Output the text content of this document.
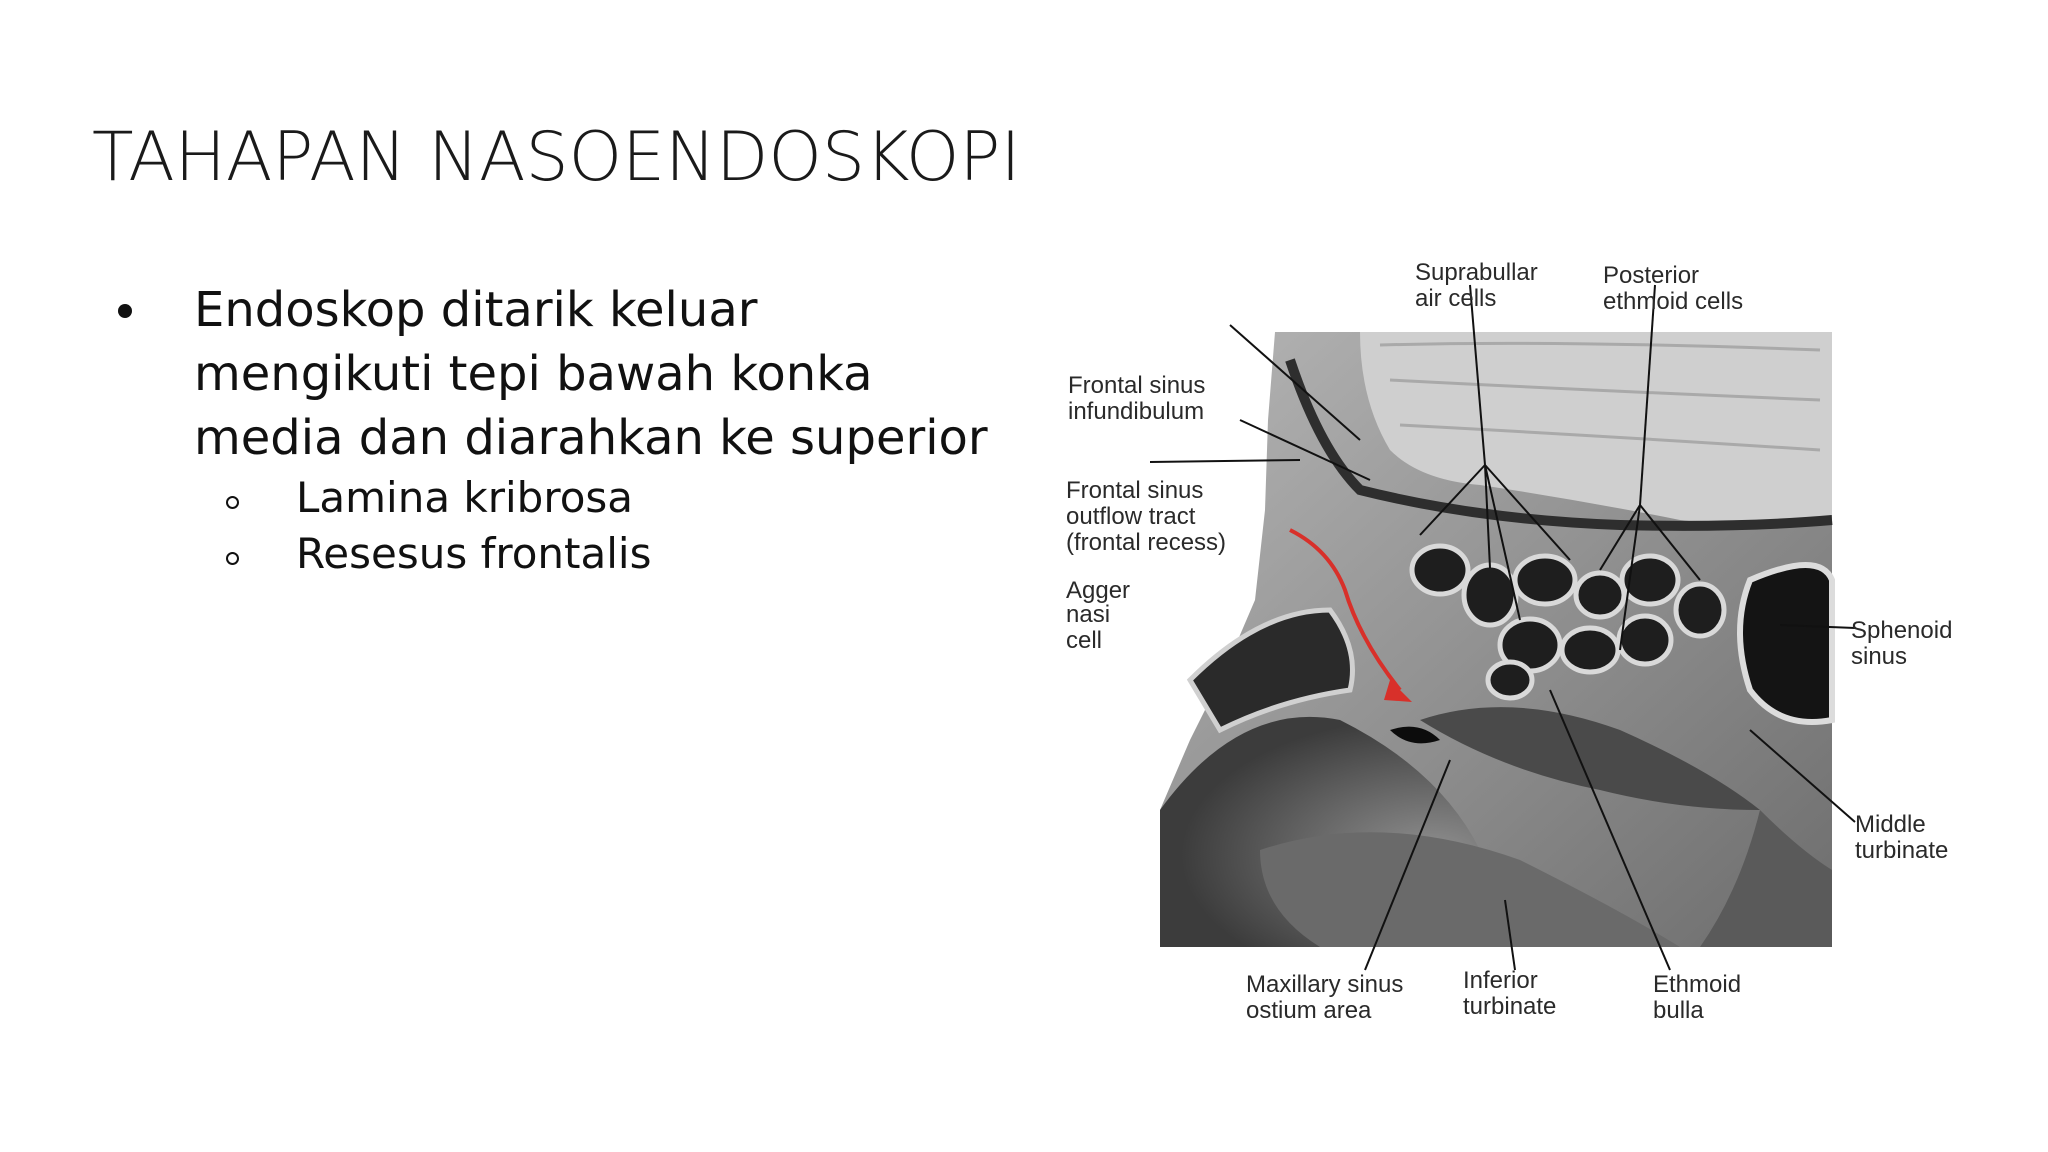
TAHAPAN NASOENDOSKOPI
Endoskop ditarik keluar
mengikuti tepi bawah konka
media dan diarahkan ke superior
Lamina kribrosa
Resesus frontalis
Suprabullar
air cells
Posterior
ethmoid cells
Frontal sinus
infundibulum
Frontal sinus
outflow tract
(frontal recess)
Agger
nasi
cell	Sphenoid
sinus
Middle
turbinate
Maxillary sinus
ostium area
Inferior
turbinate
Ethmoid
bulla
